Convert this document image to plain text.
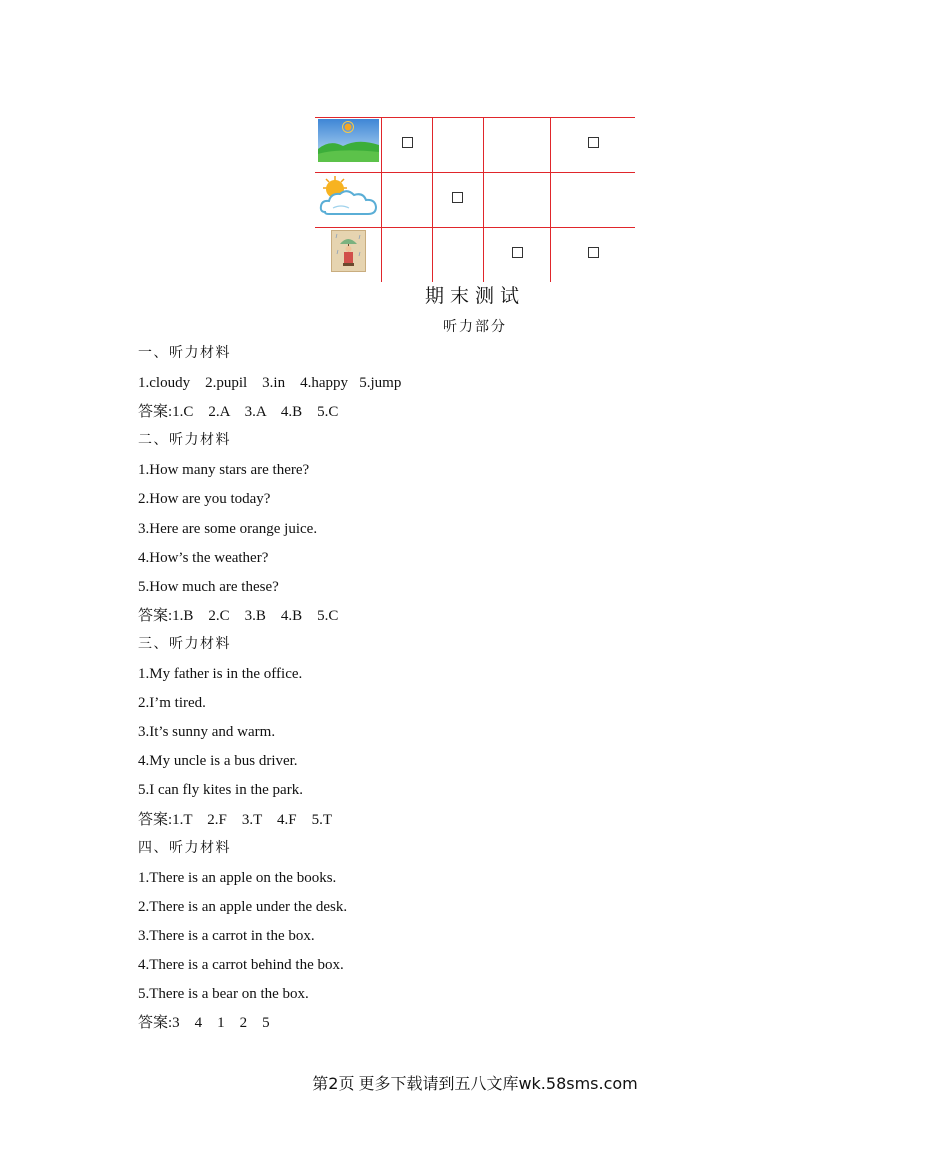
期末测试
听力部分
一、听力材料
1.cloudy    2.pupil    3.in    4.happy   5.jump
答案:1.C    2.A    3.A    4.B    5.C
二、听力材料
1.How many stars are there?
2.How are you today?
3.Here are some orange juice.
4.How’s the weather?
5.How much are these?
答案:1.B    2.C    3.B    4.B    5.C
三、听力材料
1.My father is in the office.
2.I’m tired.
3.It’s sunny and warm.
4.My uncle is a bus driver.
5.I can fly kites in the park.
答案:1.T    2.F    3.T    4.F    5.T
四、听力材料
1.There is an apple on the books.
2.There is an apple under the desk.
3.There is a carrot in the box.
4.There is a carrot behind the box.
5.There is a bear on the box.
答案:3    4    1    2    5
第2页 更多下载请到五八文库wk.58sms.com
